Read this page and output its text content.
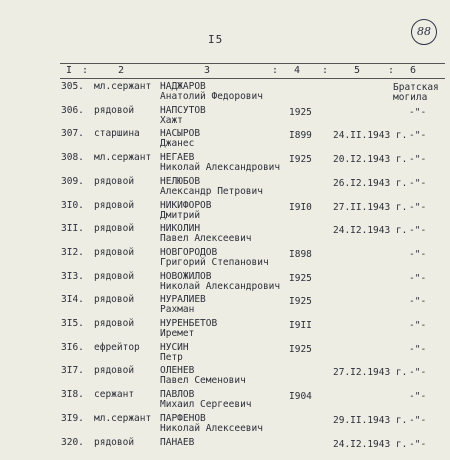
I5
88
I :	2	3	: 4 :	5	: 6
305. мл.сержант НАДЖАРОВ
Анатолий Федорович
Братская
могила
306. рядовой	НАПСУТОВ
Хажт
1925	-"-
307. старшина НАСЫРОВ
Джанес
I899 24.II.1943 г. -"-
308. мл.сержант НЕГАЕВ
Николай Александрович
I925 20.I2.1943 г. -"-
309. рядовой	НЕЛЮБОВ
Александр Петрович
26.I2.1943 г. -"-
3I0. рядовой	НИКИФОРОВ
Дмитрий
I9I0 27.II.1943 г. -"-
3II. рядовой	НИКОЛИН
Павел Алексеевич
24.I2.1943 г. -"-
3I2. рядовой	НОВГОРОДОВ
Григорий Степанович
I898	-"-
3I3. рядовой	НОВОЖИЛОВ
Николай Александрович
I925	-"-
3I4. рядовой	НУРАЛИЕВ
Рахман
I925	-"-
3I5. рядовой	НУРЕНБЕТОВ
Иремет
I9II	-"-
3I6. ефрейтор НУСИН
Петр
I925	-"-
3I7. рядовой	ОЛЕНЕВ
Павел Семенович
27.I2.1943 г. -"-
3I8. сержант	ПАВЛОВ
Михаил Сергеевич
I904	-"-
3I9. мл.сержант ПАРФЕНОВ
Николай Алексеевич
29.II.1943 г. -"-
320. рядовой	ПАНАЕВ	24.I2.1943 г. -"-
